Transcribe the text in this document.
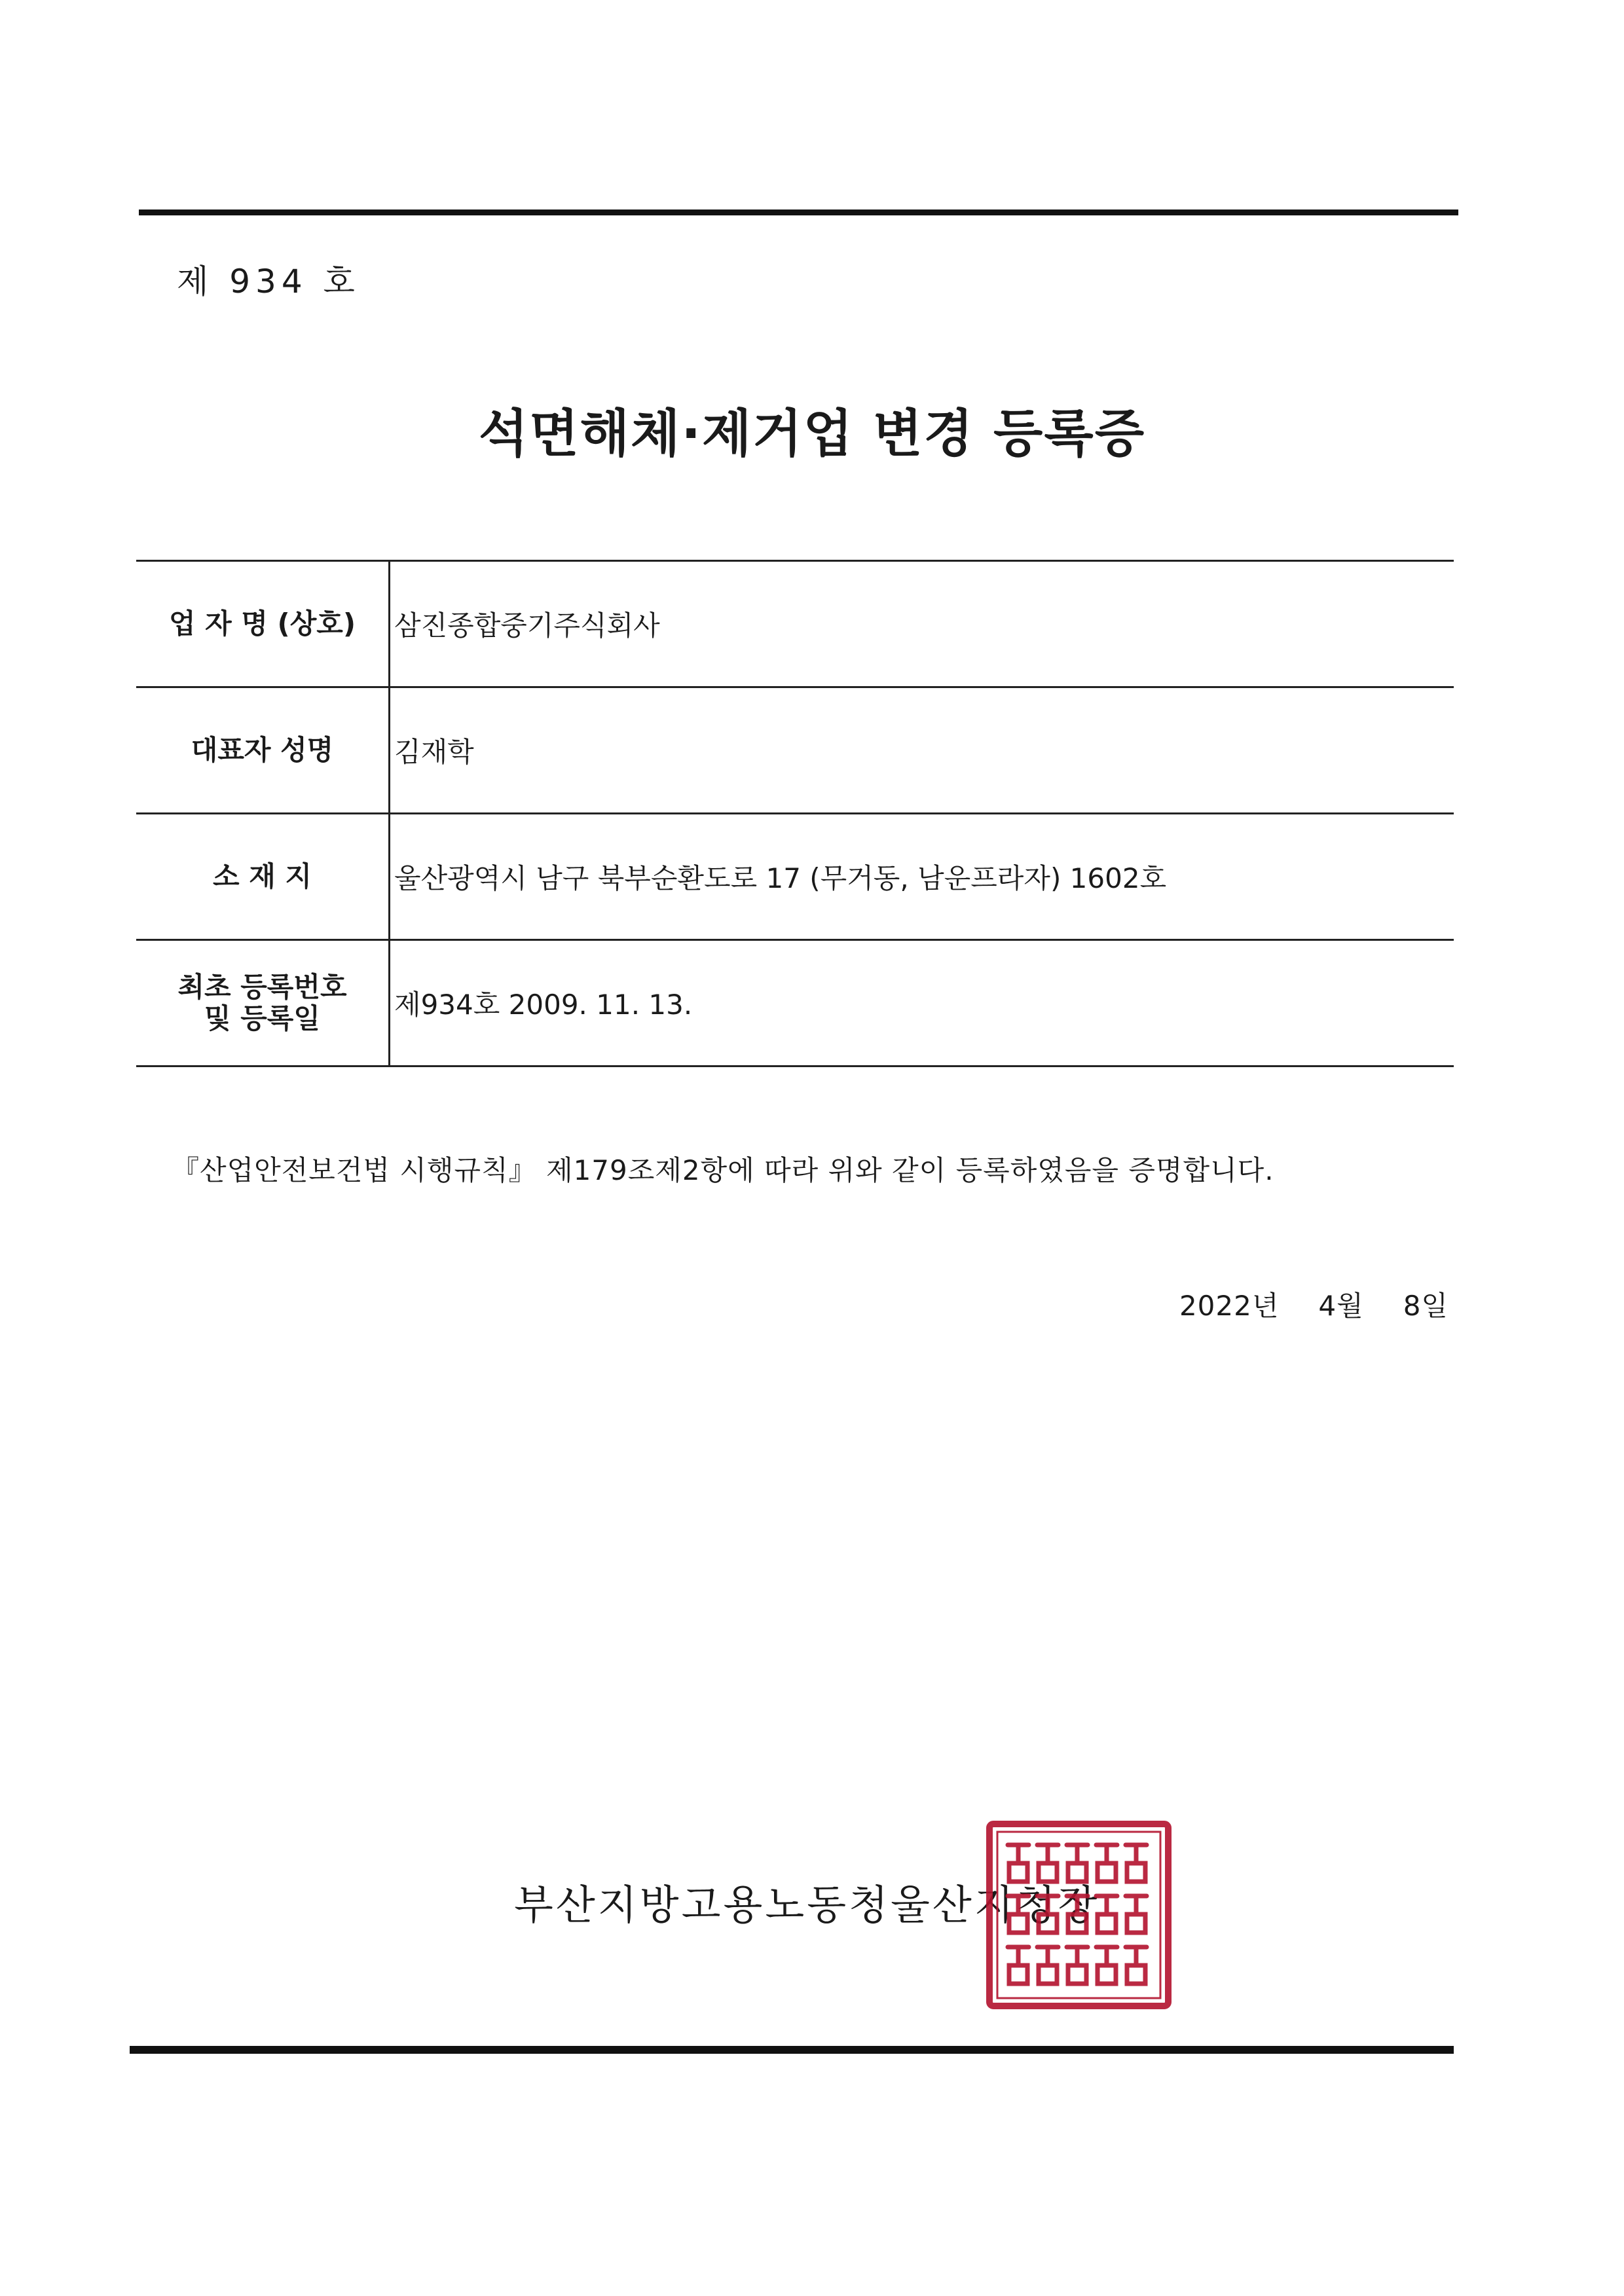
제 934 호
석면해체·제거업 변경 등록증
업 자 명 (상호)	삼진종합중기주식회사
대표자 성명	김재학
소 재 지	울산광역시 남구 북부순환도로 17 (무거동, 남운프라자) 1602호

최초 등록번호 및 등록일	제934호 2009. 11. 13.
『산업안전보건법 시행규칙』 제179조제2항에 따라 위와 같이 등록하였음을 증명합니다.
2022년 4월 8일
부산지방고용노동청울산지청장
